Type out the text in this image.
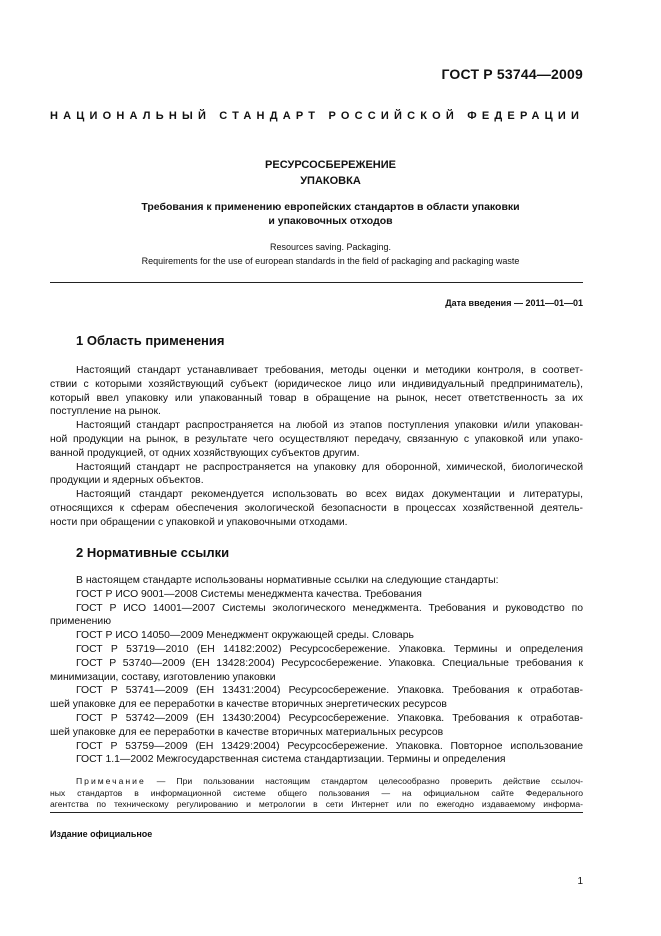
ГОСТ Р 53744—2009
НАЦИОНАЛЬНЫЙ СТАНДАРТ РОССИЙСКОЙ ФЕДЕРАЦИИ
РЕСУРСОСБЕРЕЖЕНИЕ
УПАКОВКА
Требования к применению европейских стандартов в области упаковки
и упаковочных отходов
Resources saving. Packaging.
Requirements for the use of european standards in the field of packaging and packaging waste
Дата введения — 2011—01—01
1 Область применения
Настоящий стандарт устанавливает требования, методы оценки и методики контроля, в соответ-
ствии с которыми хозяйствующий субъект (юридическое лицо или индивидуальный предприниматель),
который ввел упаковку или упакованный товар в обращение на рынок, несет ответственность за их
поступление на рынок.
Настоящий стандарт распространяется на любой из этапов поступления упаковки и/или упакован-
ной продукции на рынок, в результате чего осуществляют передачу, связанную с упаковкой или упако-
ванной продукцией, от одних хозяйствующих субъектов другим.
Настоящий стандарт не распространяется на упаковку для оборонной, химической, биологической
продукции и ядерных объектов.
Настоящий стандарт рекомендуется использовать во всех видах документации и литературы,
относящихся к сферам обеспечения экологической безопасности в процессах хозяйственной деятель-
ности при обращении с упаковкой и упаковочными отходами.
2 Нормативные ссылки
В настоящем стандарте использованы нормативные ссылки на следующие стандарты:
ГОСТ Р ИСО 9001—2008 Системы менеджмента качества. Требования
ГОСТ Р ИСО 14001—2007 Системы экологического менеджмента. Требования и руководство по
применению
ГОСТ Р ИСО 14050—2009 Менеджмент окружающей среды. Словарь
ГОСТ Р 53719—2010 (ЕН 14182:2002) Ресурсосбережение. Упаковка. Термины и определения
ГОСТ Р 53740—2009 (ЕН 13428:2004) Ресурсосбережение. Упаковка. Специальные требования к
минимизации, составу, изготовлению упаковки
ГОСТ Р 53741—2009 (ЕН 13431:2004) Ресурсосбережение. Упаковка. Требования к отработав-
шей упаковке для ее переработки в качестве вторичных энергетических ресурсов
ГОСТ Р 53742—2009 (ЕН 13430:2004) Ресурсосбережение. Упаковка. Требования к отработав-
шей упаковке для ее переработки в качестве вторичных материальных ресурсов
ГОСТ Р 53759—2009 (ЕН 13429:2004) Ресурсосбережение. Упаковка. Повторное использование
ГОСТ 1.1—2002 Межгосударственная система стандартизации. Термины и определения
Примечание — При пользовании настоящим стандартом целесообразно проверить действие ссылоч-
ных стандартов в информационной системе общего пользования — на официальном сайте Федерального
агентства по техническому регулированию и метрологии в сети Интернет или по ежегодно издаваемому информа-
Издание официальное
1
